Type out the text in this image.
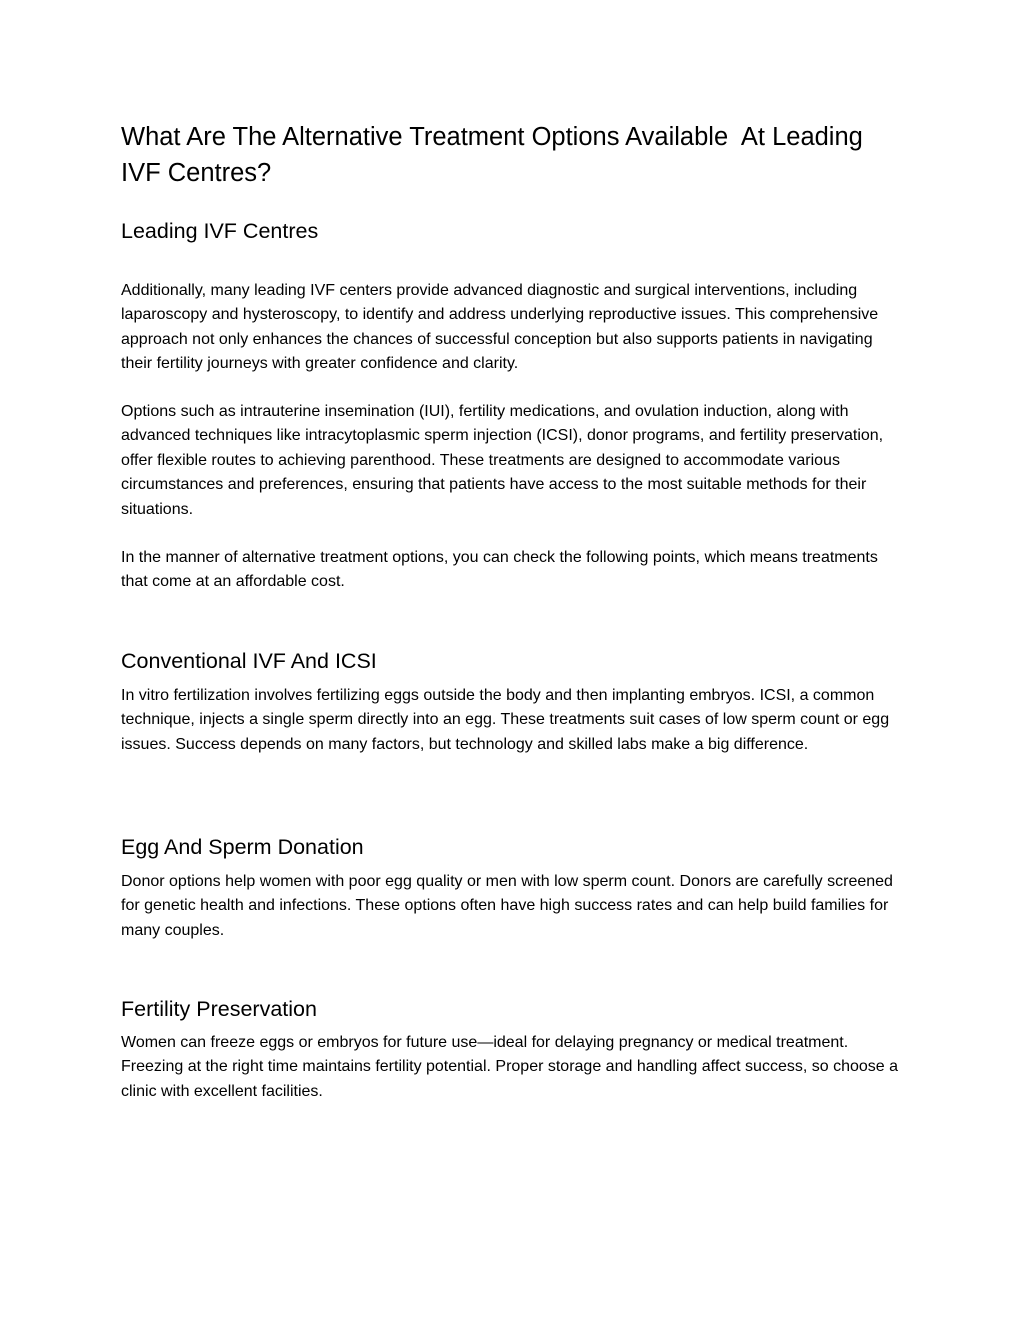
What Are The Alternative Treatment Options Available  At Leading IVF Centres?
Leading IVF Centres

Additionally, many leading IVF centers provide advanced diagnostic and surgical interventions, including laparoscopy and hysteroscopy, to identify and address underlying reproductive issues. This comprehensive approach not only enhances the chances of successful conception but also supports patients in navigating their fertility journeys with greater confidence and clarity.

Options such as intrauterine insemination (IUI), fertility medications, and ovulation induction, along with advanced techniques like intracytoplasmic sperm injection (ICSI), donor programs, and fertility preservation, offer flexible routes to achieving parenthood. These treatments are designed to accommodate various circumstances and preferences, ensuring that patients have access to the most suitable methods for their situations.

In the manner of alternative treatment options, you can check the following points, which means treatments that come at an affordable cost.

Conventional IVF And ICSI

In vitro fertilization involves fertilizing eggs outside the body and then implanting embryos. ICSI, a common technique, injects a single sperm directly into an egg. These treatments suit cases of low sperm count or egg issues. Success depends on many factors, but technology and skilled labs make a big difference.

Egg And Sperm Donation

Donor options help women with poor egg quality or men with low sperm count. Donors are carefully screened for genetic health and infections. These options often have high success rates and can help build families for many couples.

Fertility Preservation

Women can freeze eggs or embryos for future use—ideal for delaying pregnancy or medical treatment. Freezing at the right time maintains fertility potential. Proper storage and handling affect success, so choose a clinic with excellent facilities.
